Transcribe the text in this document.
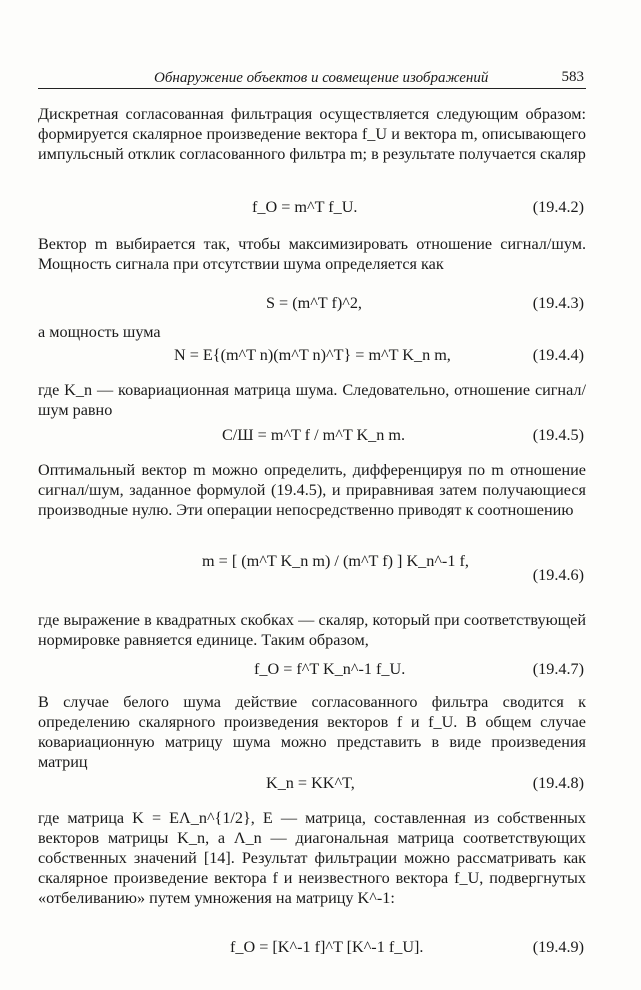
Обнаружение объектов и совмещение изображений	583

Дискретная согласованная фильтрация осуществляется следующим образом: формируется скалярное произведение вектора f_U и вектора m, описывающего импульсный отклик согласованного фильтра m; в результате получается скаляр

f_O = m^T f_U.	(19.4.2)

Вектор m выбирается так, чтобы максимизировать отношение сигнал/шум. Мощность сигнала при отсутствии шума определяется как

S = (m^T f)^2,	(19.4.3)

а мощность шума

N = E{(m^T n)(m^T n)^T} = m^T K_n m,	(19.4.4)

где K_n — ковариационная матрица шума. Следовательно, отношение сигнал/шум равно

С/Ш = m^T f / m^T K_n m.	(19.4.5)

Оптимальный вектор m можно определить, дифференцируя по m отношение сигнал/шум, заданное формулой (19.4.5), и приравнивая затем получающиеся производные нулю. Эти операции непосредственно приводят к соотношению

m = [ (m^T K_n m) / (m^T f) ] K_n^-1 f,
(19.4.6)

где выражение в квадратных скобках — скаляр, который при соответствующей нормировке равняется единице. Таким образом,

f_O = f^T K_n^-1 f_U.	(19.4.7)

В случае белого шума действие согласованного фильтра сводится к определению скалярного произведения векторов f и f_U. В общем случае ковариационную матрицу шума можно представить в виде произведения матриц

K_n = KK^T,	(19.4.8)

где матрица K = EΛ_n^{1/2}, E — матрица, составленная из собственных векторов матрицы K_n, а Λ_n — диагональная матрица соответствующих собственных значений [14]. Результат фильтрации можно рассматривать как скалярное произведение вектора f и неизвестного вектора f_U, подвергнутых «отбеливанию» путем умножения на матрицу K^-1:

f_O = [K^-1 f]^T [K^-1 f_U].	(19.4.9)
